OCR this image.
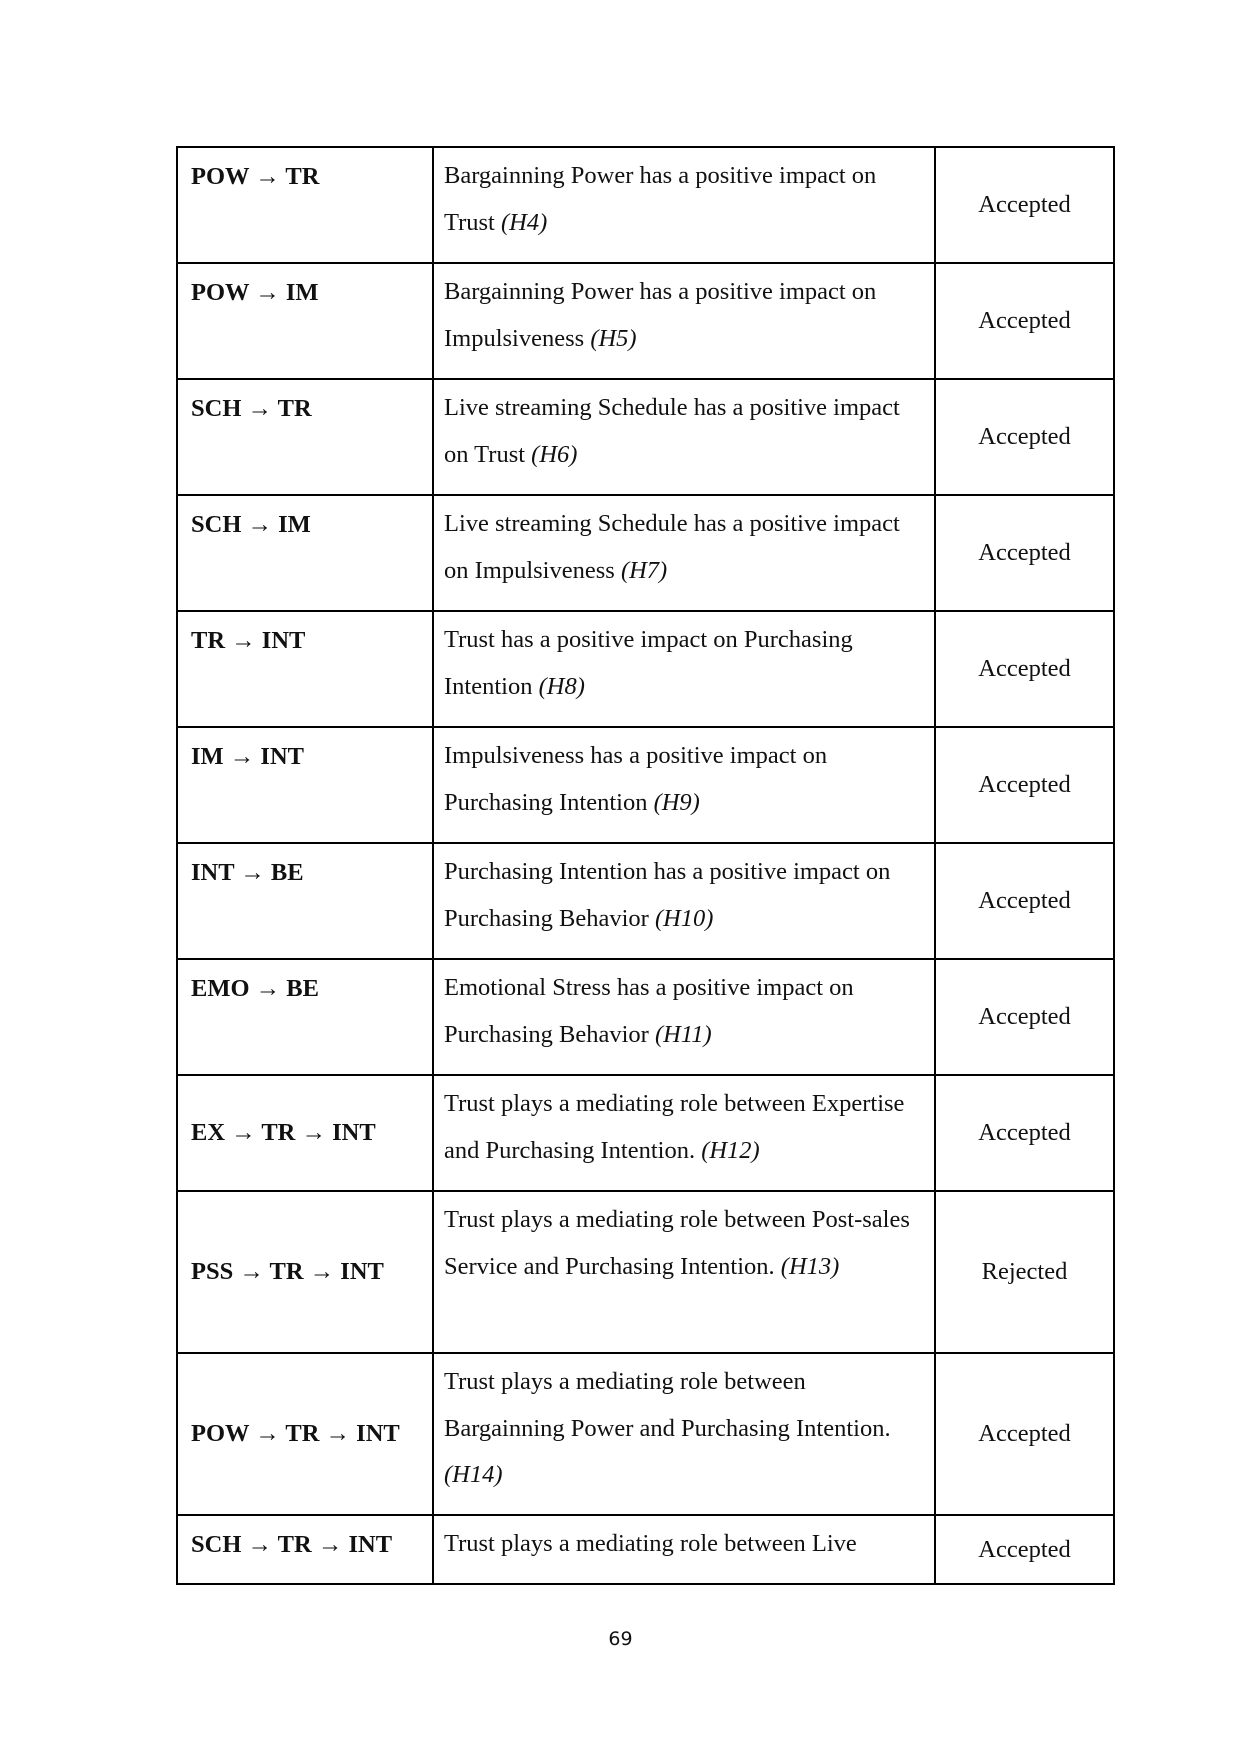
POW → TR	Bargainning Power has a positive impact on Trust (H4)	Accepted
POW → IM	Bargainning Power has a positive impact on Impulsiveness (H5)	Accepted
SCH → TR	Live streaming Schedule has a positive impact on Trust (H6)	Accepted
SCH → IM	Live streaming Schedule has a positive impact on Impulsiveness (H7)	Accepted
TR → INT	Trust has a positive impact on Purchasing Intention (H8)	Accepted
IM → INT	Impulsiveness has a positive impact on Purchasing Intention (H9)	Accepted
INT → BE	Purchasing Intention has a positive impact on Purchasing Behavior (H10)	Accepted
EMO → BE	Emotional Stress has a positive impact on Purchasing Behavior (H11)	Accepted
EX → TR → INT	Trust plays a mediating role between Expertise and Purchasing Intention. (H12)	Accepted
PSS → TR → INT	Trust plays a mediating role between Post-sales Service and Purchasing Intention. (H13)	Rejected
POW → TR → INT	Trust plays a mediating role between Bargainning Power and Purchasing Intention. (H14)	Accepted
SCH → TR → INT	Trust plays a mediating role between Live	Accepted
69
